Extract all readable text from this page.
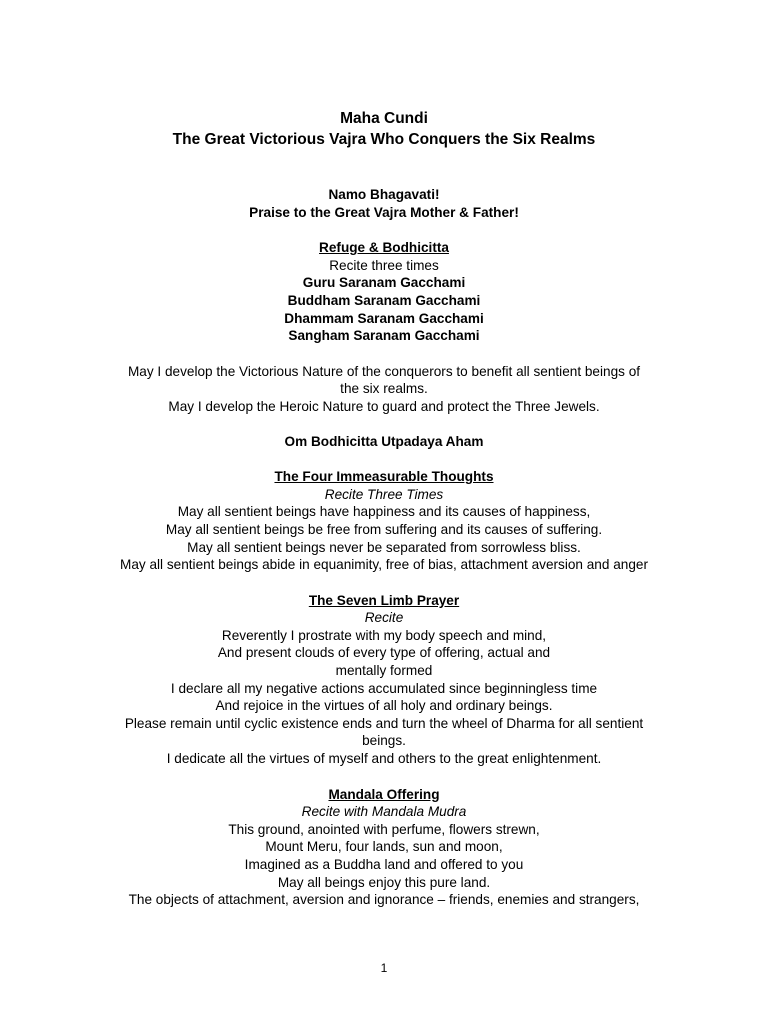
Maha Cundi
The Great Victorious Vajra Who Conquers the Six Realms
Namo Bhagavati!
Praise to the Great Vajra Mother & Father!
Refuge & Bodhicitta
Recite three times
Guru Saranam Gacchami
Buddham Saranam Gacchami
Dhammam Saranam Gacchami
Sangham Saranam Gacchami
May I develop the Victorious Nature of the conquerors to benefit all sentient beings of
the six realms.
May I develop the Heroic Nature to guard and protect the Three Jewels.
Om Bodhicitta Utpadaya Aham
The Four Immeasurable Thoughts
Recite Three Times
May all sentient beings have happiness and its causes of happiness,
May all sentient beings be free from suffering and its causes of suffering.
May all sentient beings never be separated from sorrowless bliss.
May all sentient beings abide in equanimity, free of bias, attachment aversion and anger
The Seven Limb Prayer
Recite
Reverently I prostrate with my body speech and mind,
And present clouds of every type of offering, actual and
mentally formed
I declare all my negative actions accumulated since beginningless time
And rejoice in the virtues of all holy and ordinary beings.
Please remain until cyclic existence ends and turn the wheel of Dharma for all sentient
beings.
I dedicate all the virtues of myself and others to the great enlightenment.
Mandala Offering
Recite with Mandala Mudra
This ground, anointed with perfume, flowers strewn,
Mount Meru, four lands, sun and moon,
Imagined as a Buddha land and offered to you
May all beings enjoy this pure land.
The objects of attachment, aversion and ignorance – friends, enemies and strangers,
1
